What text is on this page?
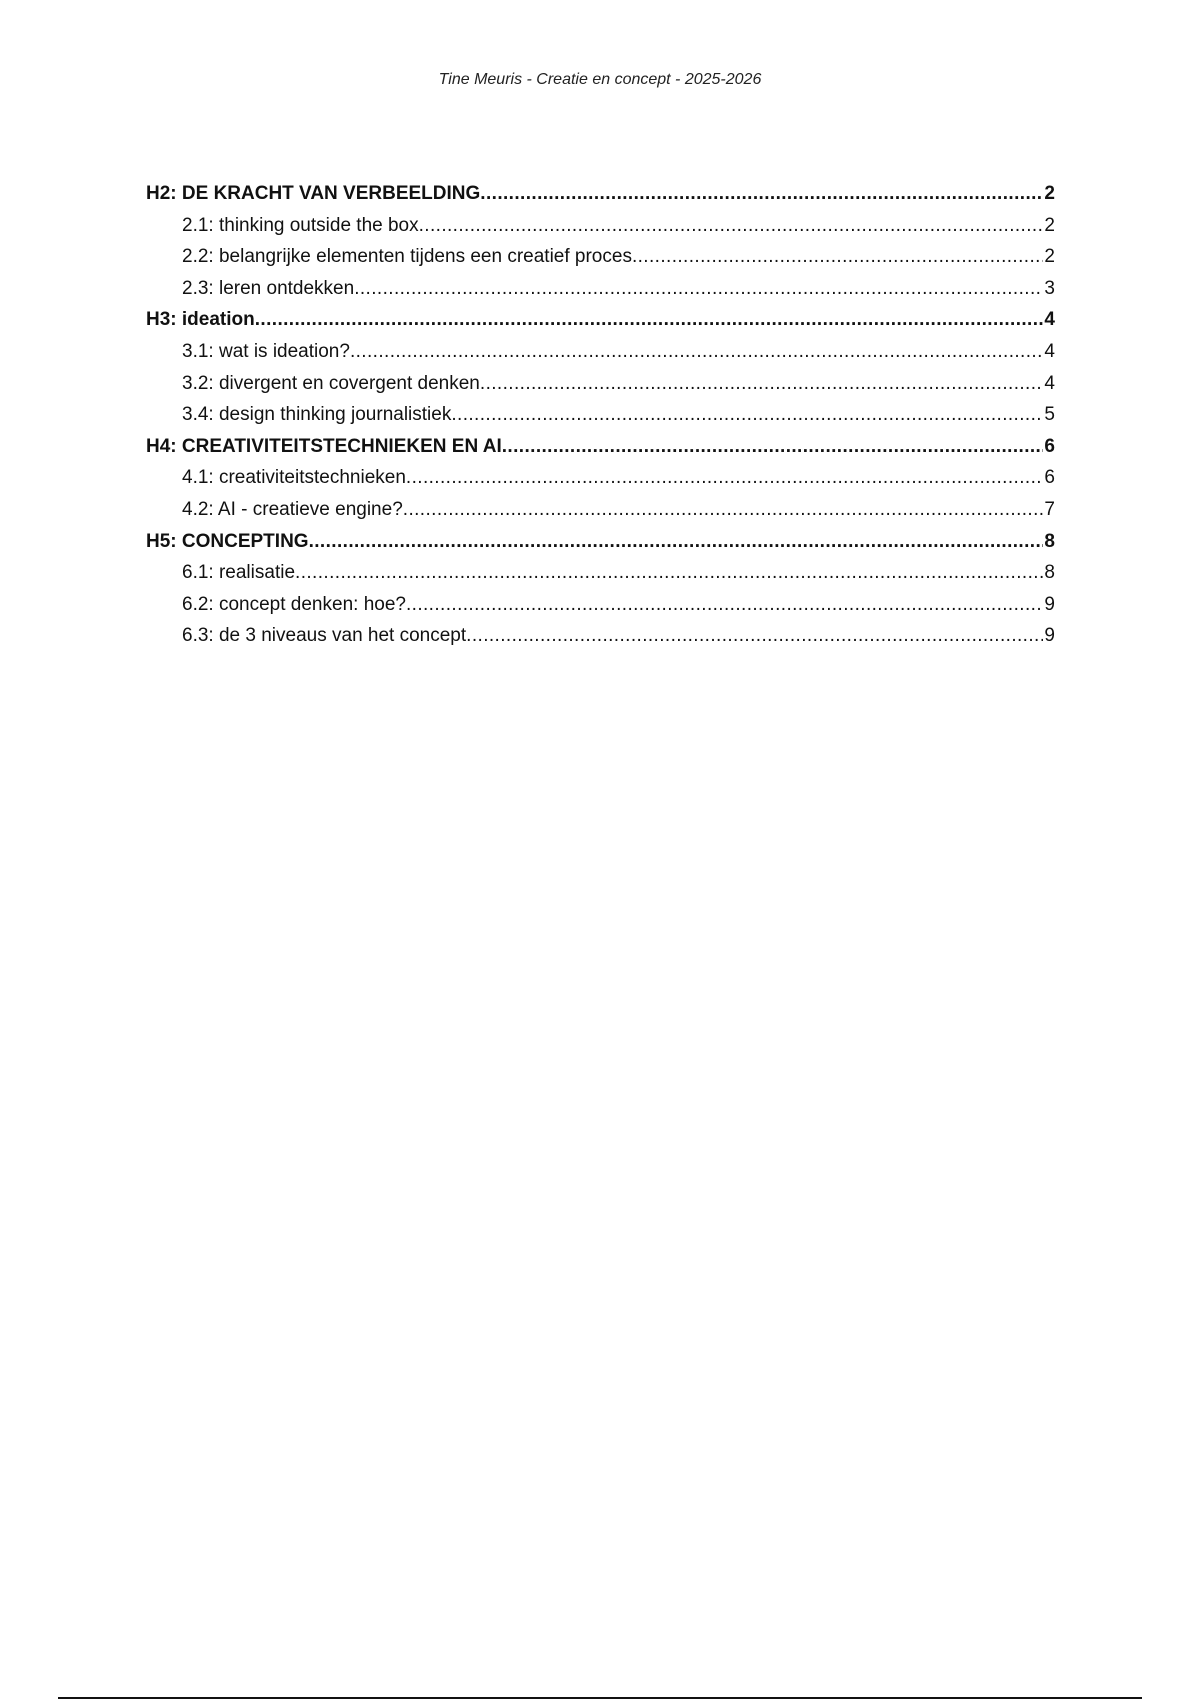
Tine Meuris - Creatie en concept - 2025-2026
H2: DE KRACHT VAN VERBEELDING .....	2
2.1: thinking outside the box .....	2
2.2: belangrijke elementen tijdens een creatief proces .....	2
2.3: leren ontdekken .....	3
H3: ideation .....	4
3.1: wat is ideation? .....	4
3.2: divergent en covergent denken .....	4
3.4: design thinking journalistiek .....	5
H4: CREATIVITEITSTECHNIEKEN EN AI .....	6
4.1: creativiteitstechnieken .....	6
4.2: AI - creatieve engine? .....	7
H5: CONCEPTING .....	8
6.1: realisatie .....	8
6.2: concept denken: hoe? .....	9
6.3: de 3 niveaus van het concept .....	9
